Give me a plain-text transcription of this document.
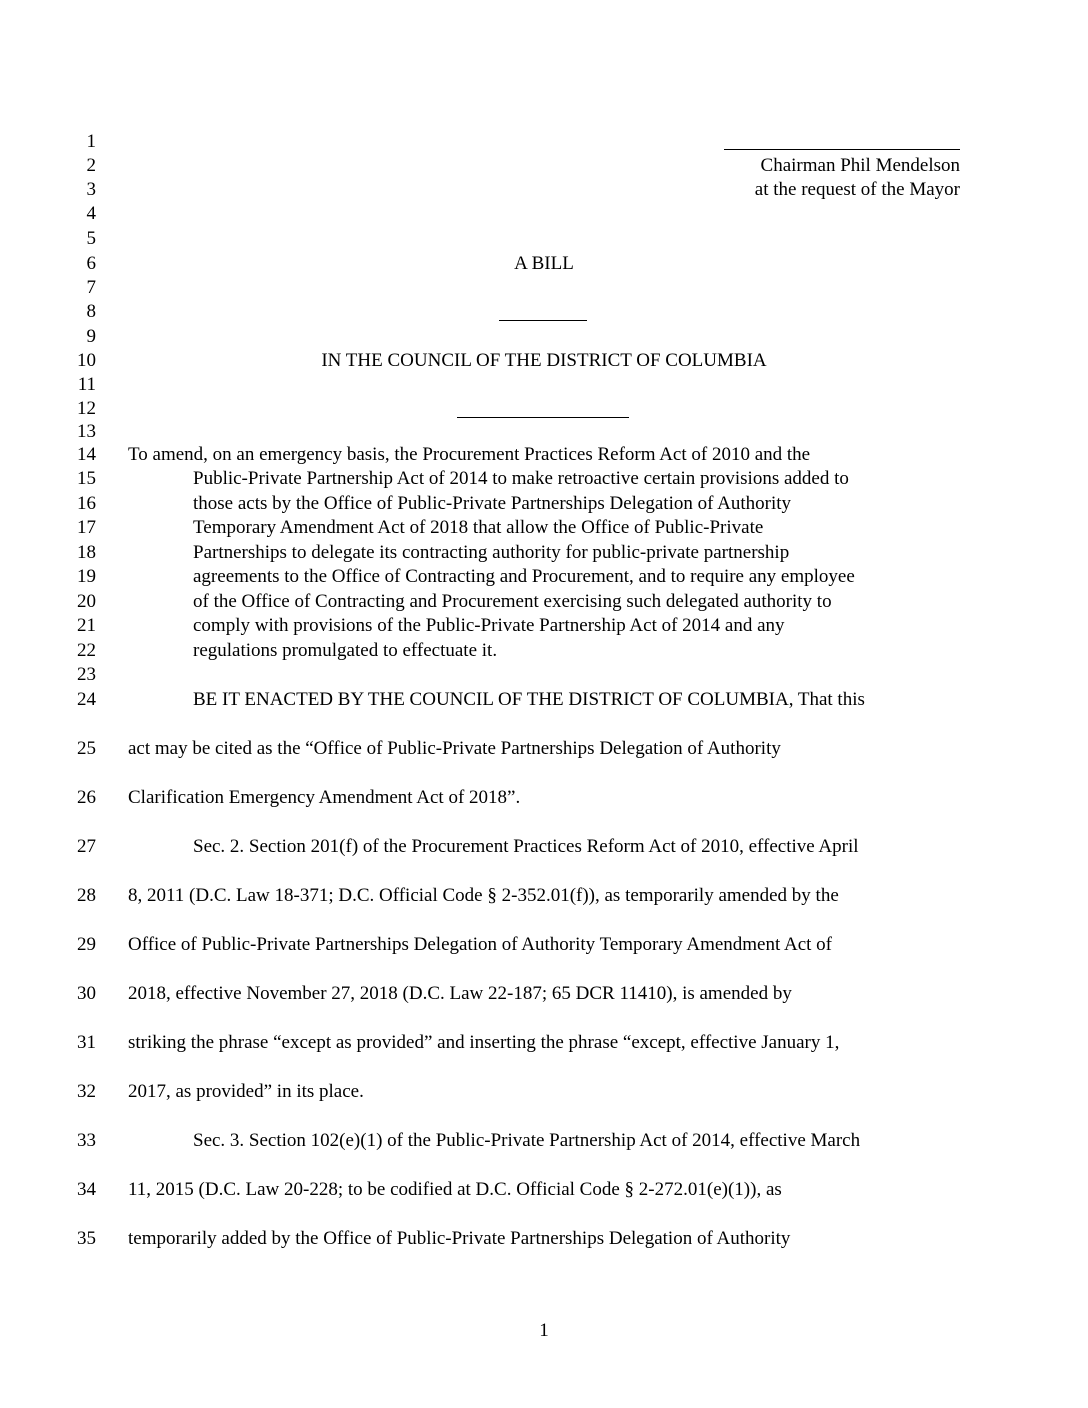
1
2
3
4
5
6
7
8
9
10
11
12
13
14
15
16
17
18
19
20
21
22
23
24
25
26
27
28
29
30
31
32
33
34
35
Chairman Phil Mendelson
at the request of the Mayor
A BILL
IN THE COUNCIL OF THE DISTRICT OF COLUMBIA
To amend, on an emergency basis, the Procurement Practices Reform Act of 2010 and the
Public-Private Partnership Act of 2014 to make retroactive certain provisions added to
those acts by the Office of Public-Private Partnerships Delegation of Authority
Temporary Amendment Act of 2018 that allow the Office of Public-Private
Partnerships to delegate its contracting authority for public-private partnership
agreements to the Office of Contracting and Procurement, and to require any employee
of the Office of Contracting and Procurement exercising such delegated authority to
comply with provisions of the Public-Private Partnership Act of 2014 and any
regulations promulgated to effectuate it.
BE IT ENACTED BY THE COUNCIL OF THE DISTRICT OF COLUMBIA, That this
act may be cited as the “Office of Public-Private Partnerships Delegation of Authority
Clarification Emergency Amendment Act of 2018”.
Sec. 2. Section 201(f) of the Procurement Practices Reform Act of 2010, effective April
8, 2011 (D.C. Law 18-371; D.C. Official Code § 2-352.01(f)), as temporarily amended by the
Office of Public-Private Partnerships Delegation of Authority Temporary Amendment Act of
2018, effective November 27, 2018 (D.C. Law 22-187; 65 DCR 11410), is amended by
striking the phrase “except as provided” and inserting the phrase “except, effective January 1,
2017, as provided” in its place.
Sec. 3. Section 102(e)(1) of the Public-Private Partnership Act of 2014, effective March
11, 2015 (D.C. Law 20-228; to be codified at D.C. Official Code § 2-272.01(e)(1)), as
temporarily added by the Office of Public-Private Partnerships Delegation of Authority
1
